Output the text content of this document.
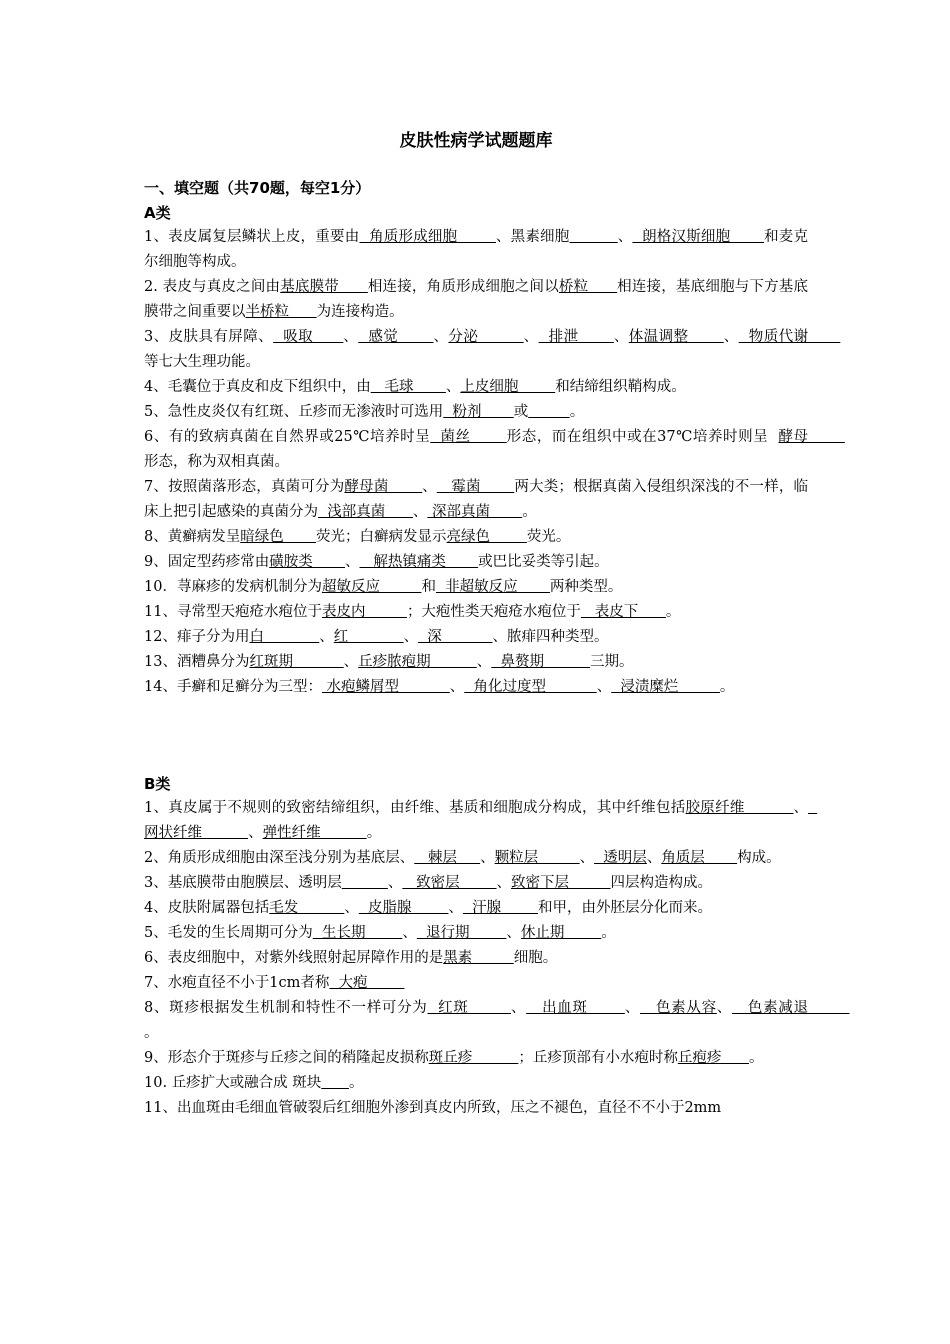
皮肤性病学试题题库
一、填空题（共70题，每空1分）
A类

1、表皮属复层鳞状上皮，重要由  角质形成细胞        、黑素细胞	、  朗格汉斯细胞       和麦克尔细胞等构成。

2. 表皮与真皮之间由基底膜带      相连接，角质形成细胞之间以桥粒      相连接，基底细胞与下方基底膜带之间重要以半桥粒      为连接构造。

3、皮肤具有屏障、  吸取      、  感觉       、分泌         、  排泄       、体温调整       、  物质代谢       等七大生理功能。

4、毛囊位于真皮和皮下组织中，由   毛球       、上皮细胞        和结缔组织鞘构成。

5、急性皮炎仅有红斑、丘疹而无渗液时可选用  粉剂       或	。

6、有的致病真菌在自然界或25℃培养时呈  菌丝       形态，而在组织中或在37℃培养时则呈  酵母        形态，称为双相真菌。

7、按照菌落形态，真菌可分为酵母菌       、   霉菌       两大类；根据真菌入侵组织深浅的不一样，临床上把引起感染的真菌分为  浅部真菌      、 深部真菌       。

8、黄癣病发呈暗绿色       荧光；白癣病发显示亮绿色        荧光。

9、固定型药疹常由磺胺类       、   解热镇痛类       或巴比妥类等引起。

10．荨麻疹的发病机制分为超敏反应         和  非超敏反应       两种类型。

11、寻常型天疱疮水疱位于表皮内         ；大疱性类天疱疮水疱位于   表皮下      。

12、痱子分为用白            、红            、  深           、脓痱四种类型。

13、酒糟鼻分为红斑期           、丘疹脓疱期          、  鼻赘期          三期。

14、手癣和足癣分为三型： 水疱鳞屑型           、  角化过度型           、  浸渍糜烂         。

B类

1、真皮属于不规则的致密结缔组织，由纤维、基质和细胞成分构成，其中纤维包括胶原纤维          、  网状纤维          、弹性纤维          。

2、角质形成细胞由深至浅分别为基底层、   棘层     、颗粒层         、  透明层、角质层       构成。

3、基底膜带由胞膜层、透明层	、   致密层        、致密下层         四层构造构成。

4、皮肤附属器包括毛发          、  皮脂腺        、  汗腺        和甲，由外胚层分化而来。

5、毛发的生长周期可分为  生长期        、  退行期        、休止期        。

6、表皮细胞中，对紫外线照射起屏障作用的是黑素         细胞。

7、水疱直径不小于1cm者称  大疱

8、斑疹根据发生机制和特性不一样可分为  红斑        、   出血斑       、   色素从容、   色素减退         。

9、形态介于斑疹与丘疹之间的稍隆起皮损称斑丘疹          ；丘疹顶部有小水疱时称丘疱疹      。

10. 丘疹扩大或融合成 斑块 。

11、出血斑由毛细血管破裂后红细胞外渗到真皮内所致，压之不褪色，直径不不小于2mm
